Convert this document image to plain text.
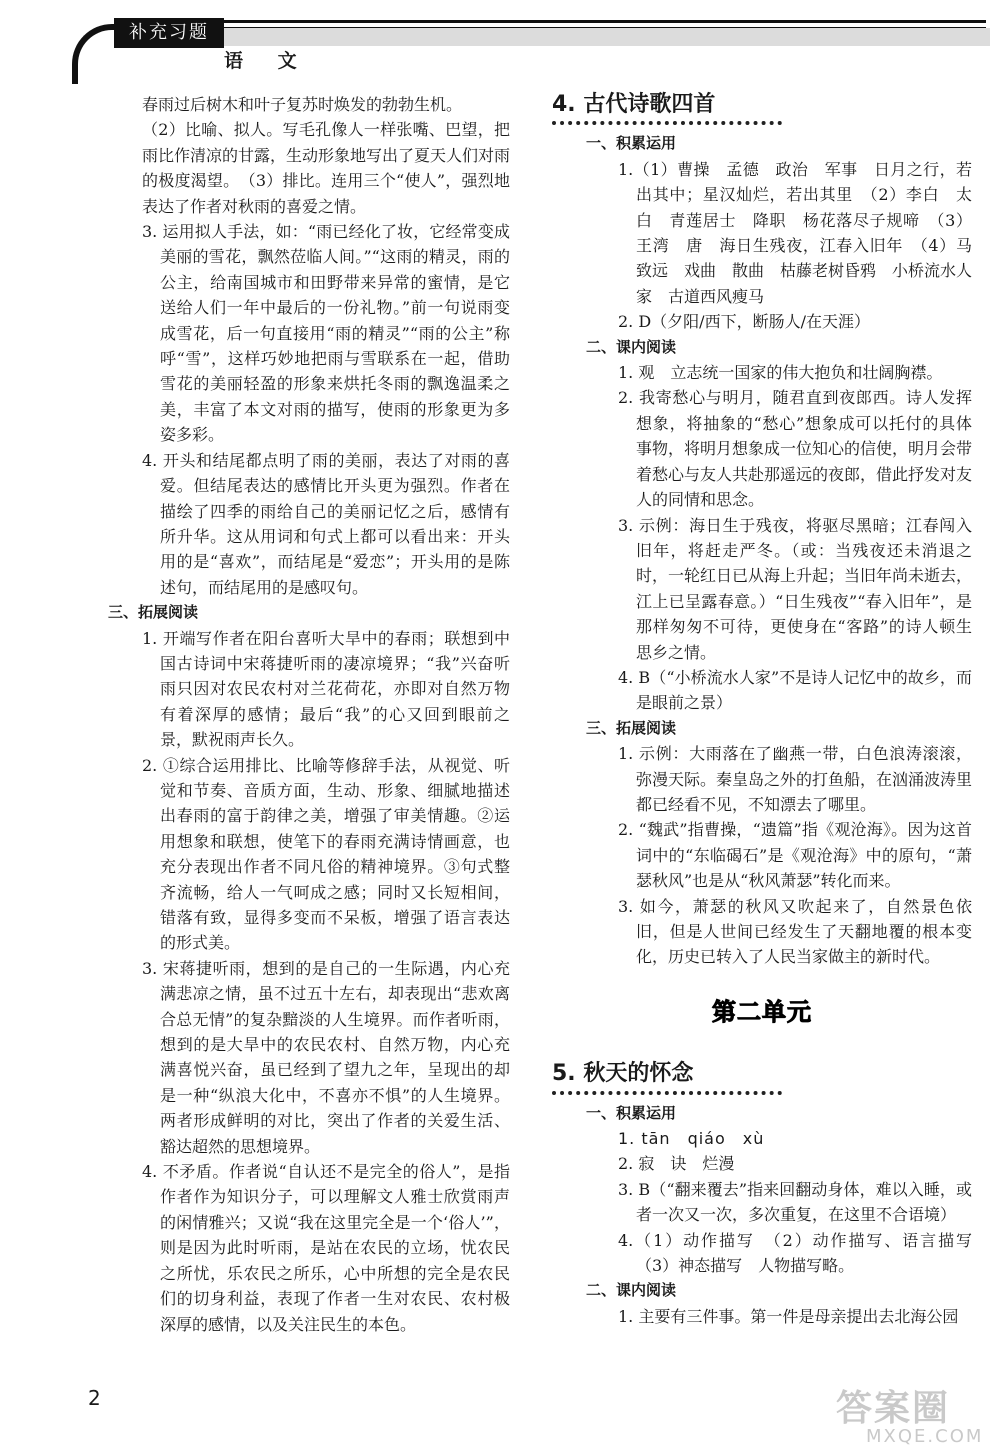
补充习题
语 文

春雨过后树木和叶子复苏时焕发的勃勃生机。

（2）比喻、拟人。写毛孔像人一样张嘴、巴望，把雨比作清凉的甘露，生动形象地写出了夏天人们对雨的极度渴望。　（3）排比。连用三个“使人”，强烈地表达了作者对秋雨的喜爱之情。

3. 运用拟人手法，如：“雨已经化了妆，它经常变成美丽的雪花，飘然莅临人间。”“这雨的精灵，雨的公主，给南国城市和田野带来异常的蜜情，是它送给人们一年中最后的一份礼物。”前一句说雨变成雪花，后一句直接用“雨的精灵”“雨的公主”称呼“雪”，这样巧妙地把雨与雪联系在一起，借助雪花的美丽轻盈的形象来烘托冬雨的飘逸温柔之美，丰富了本文对雨的描写，使雨的形象更为多姿多彩。

4. 开头和结尾都点明了雨的美丽，表达了对雨的喜爱。但结尾表达的感情比开头更为强烈。作者在描绘了四季的雨给自己的美丽记忆之后，感情有所升华。这从用词和句式上都可以看出来：开头用的是“喜欢”，而结尾是“爱恋”；开头用的是陈述句，而结尾用的是感叹句。

三、拓展阅读

1. 开端写作者在阳台喜听大旱中的春雨；联想到中国古诗词中宋蒋捷听雨的凄凉境界；“我”兴奋听雨只因对农民农村对兰花荷花，亦即对自然万物有着深厚的感情；最后“我”的心又回到眼前之景，默祝雨声长久。

2. ①综合运用排比、比喻等修辞手法，从视觉、听觉和节奏、音质方面，生动、形象、细腻地描述出春雨的富于韵律之美，增强了审美情趣。②运用想象和联想，使笔下的春雨充满诗情画意，也充分表现出作者不同凡俗的精神境界。③句式整齐流畅，给人一气呵成之感；同时又长短相间，错落有致，显得多变而不呆板，增强了语言表达的形式美。

3. 宋蒋捷听雨，想到的是自己的一生际遇，内心充满悲凉之情，虽不过五十左右，却表现出“悲欢离合总无情”的复杂黯淡的人生境界。而作者听雨，想到的是大旱中的农民农村、自然万物，内心充满喜悦兴奋，虽已经到了望九之年，呈现出的却是一种“纵浪大化中，不喜亦不惧”的人生境界。两者形成鲜明的对比，突出了作者的关爱生活、豁达超然的思想境界。

4. 不矛盾。作者说“自认还不是完全的俗人”，是指作者作为知识分子，可以理解文人雅士欣赏雨声的闲情雅兴；又说“我在这里完全是一个‘俗人’”，则是因为此时听雨，是站在农民的立场，忧农民之所忧，乐农民之所乐，心中所想的完全是农民们的切身利益，表现了作者一生对农民、农村极深厚的感情，以及关注民生的本色。

4. 古代诗歌四首

一、积累运用

1.（1）曹操　孟德　政治　军事　日月之行，若出其中；星汉灿烂，若出其里　（2）李白　太白　青莲居士　降职　杨花落尽子规啼　（3）王湾　唐　海日生残夜，江春入旧年　（4）马致远　戏曲　散曲　枯藤老树昏鸦　小桥流水人家　古道西风瘦马

2. D（夕阳/西下，断肠人/在天涯）

二、课内阅读

1. 观　立志统一国家的伟大抱负和壮阔胸襟。

2. 我寄愁心与明月，随君直到夜郎西。诗人发挥想象，将抽象的“愁心”想象成可以托付的具体事物，将明月想象成一位知心的信使，明月会带着愁心与友人共赴那遥远的夜郎，借此抒发对友人的同情和思念。

3. 示例：海日生于残夜，将驱尽黑暗；江春闯入旧年，将赶走严冬。（或：当残夜还未消退之时，一轮红日已从海上升起；当旧年尚未逝去，江上已呈露春意。）“日生残夜”“春入旧年”，是那样匆匆不可待，更使身在“客路”的诗人顿生思乡之情。

4. B（“小桥流水人家”不是诗人记忆中的故乡，而是眼前之景）

三、拓展阅读

1. 示例：大雨落在了幽燕一带，白色浪涛滚滚，弥漫天际。秦皇岛之外的打鱼船，在汹涌波涛里都已经看不见，不知漂去了哪里。

2. “魏武”指曹操，“遗篇”指《观沧海》。因为这首词中的“东临碣石”是《观沧海》中的原句，“萧瑟秋风”也是从“秋风萧瑟”转化而来。

3. 如今，萧瑟的秋风又吹起来了，自然景色依旧，但是人世间已经发生了天翻地覆的根本变化，历史已转入了人民当家做主的新时代。

第二单元
5. 秋天的怀念

一、积累运用

1. tān　qiáo　xù

2. 寂　诀　烂漫

3. B（“翻来覆去”指来回翻动身体，难以入睡，或者一次又一次，多次重复，在这里不合语境）

4.（1）动作描写　（2）动作描写、语言描写　（3）神态描写　人物描写略。

二、课内阅读

1. 主要有三件事。第一件是母亲提出去北海公园

2	答案圈
MXQE.COM
